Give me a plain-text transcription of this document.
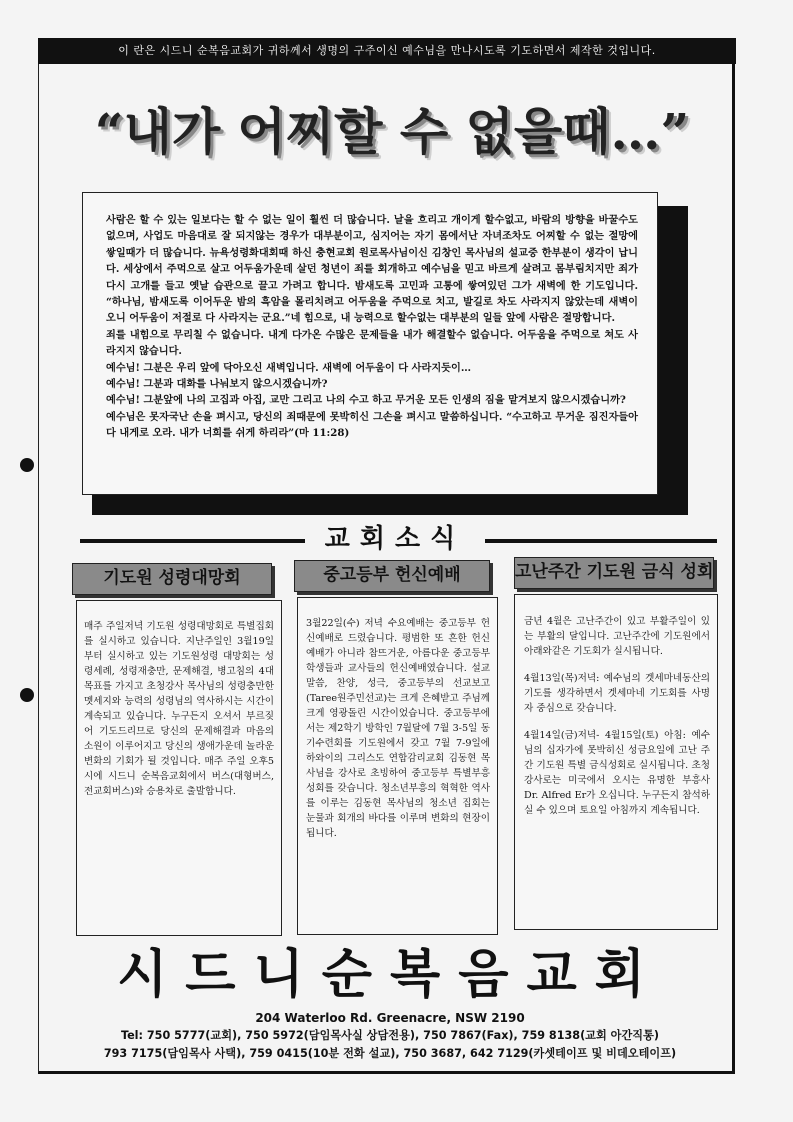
이 란은 시드니 순복음교회가 귀하께서 생명의 구주이신 예수님을 만나시도록 기도하면서 제작한 것입니다.
“내가 어찌할 수 없을때…”

사람은 할 수 있는 일보다는 할 수 없는 일이 훨씬 더 많습니다. 날을 흐리고 개이게 할수없고, 바람의 방향을 바꿀수도 없으며, 사업도 마음대로 잘 되지않는 경우가 대부분이고, 심지어는 자기 몸에서난 자녀조차도 어찌할 수 없는 절망에 쌓일때가 더 많습니다. 뉴욕성령화대회때 하신 충현교회 원로목사님이신 김창인 목사님의 설교중 한부분이 생각이 납니다. 세상에서 주먹으로 살고 어두움가운데 살던 청년이 죄를 회개하고 예수님을 믿고 바르게 살려고 몸부림치지만 죄가 다시 고개를 들고 옛날 습관으로 끌고 가려고 합니다. 밤새도록 고민과 고통에 쌓여있던 그가 새벽에 한 기도입니다. “하나님, 밤새도록 이어두운 밤의 흑암을 몰리치려고 어두움을 주먹으로 치고, 발길로 차도 사라지지 않았는데 새벽이 오니 어두움이 저절로 다 사라지는 군요.”네 힘으로, 내 능력으로 할수없는 대부분의 일들 앞에 사람은 절망합니다.

죄를 내힘으로 무리칠 수 없습니다. 내게 다가온 수많은 문제들을 내가 해결할수 없습니다. 어두움을 주먹으로 쳐도 사라지지 않습니다.

예수님! 그분은 우리 앞에 닥아오신 새벽입니다. 새벽에 어두움이 다 사라지듯이…

예수님! 그분과 대화를 나눠보지 않으시겠습니까?

예수님! 그분앞에 나의 고집과 아집, 교만 그리고 나의 수고 하고 무거운 모든 인생의 짐을 맡겨보지 않으시겠습니까?

예수님은 못자국난 손을 펴시고, 당신의 죄때문에 못박히신 그손을 펴시고 말씀하십니다. “수고하고 무거운 짐진자들아 다 내게로 오라. 내가 너희를 쉬게 하리라”(마 11:28)

교회소식
기도원 성령대망회

매주 주일저녁 기도원 성령대망회로 특별집회를 실시하고 있습니다. 지난주일인 3월19일부터 실시하고 있는 기도원성령 대망회는 성령세례, 성령재충만, 문제해결, 병고침의 4대목표를 가지고 초청강사 목사님의 성령충만한 멧세지와 능력의 성령님의 역사하시는 시간이 계속되고 있습니다. 누구든지 오셔서 부르짖어 기도드리므로 당신의 문제해결과 마음의 소원이 이루어지고 당신의 생애가운데 놀라운 변화의 기회가 될 것입니다. 매주 주일 오후5시에 시드니 순복음교회에서 버스(대형버스, 전교회버스)와 승용차로 출발합니다.

중고등부 헌신예배

3월22일(수) 저녁 수요예배는 중고등부 헌신예배로 드렸습니다. 평범한 또 흔한 헌신예배가 아니라 참뜨거운, 아름다운 중고등부 학생들과 교사들의 헌신예배였습니다. 설교말씀, 찬양, 성극, 중고등부의 선교보고(Taree원주민선교)는 크게 은혜받고 주님께 크게 영광돌린 시간이었습니다. 중고등부에서는 제2학기 방학인 7월달에 7월 3-5일 동기수련회를 기도원에서 갖고 7월 7-9일에 하와이의 그리스도 연합감리교회 김동현 목사님을 강사로 초빙하여 중고등부 특별부흥 성회를 갖습니다. 청소년부흥의 혁혁한 역사를 이루는 김동현 목사님의 청소년 집회는 눈물과 회개의 바다를 이루며 변화의 현장이 됩니다.

고난주간 기도원 금식 성회

금년 4월은 고난주간이 있고 부활주일이 있는 부활의 달입니다. 고난주간에 기도원에서 아래와같은 기도회가 실시됩니다.

4월13일(목)저녁: 예수님의 겟세마네동산의 기도를 생각하면서 겟세마네 기도회를 사명자 중심으로 갖습니다.

4월14일(금)저녁- 4월15일(토) 아침: 예수님의 십자가에 못박히신 성금요일에 고난 주간 기도원 특별 금식성회로 실시됩니다. 초청강사로는 미국에서 오시는 유명한 부흥사 Dr. Alfred Er가 오십니다. 누구든지 참석하실 수 있으며 토요일 아침까지 계속됩니다.

시드니순복음교회
204 Waterloo Rd. Greenacre, NSW 2190
Tel: 750 5777(교회), 750 5972(담임목사실 상담전용), 750 7867(Fax), 759 8138(교회 아간직통)
793 7175(담임목사 사택), 759 0415(10분 전화 설교), 750 3687, 642 7129(카셋테이프 및 비데오테이프)
